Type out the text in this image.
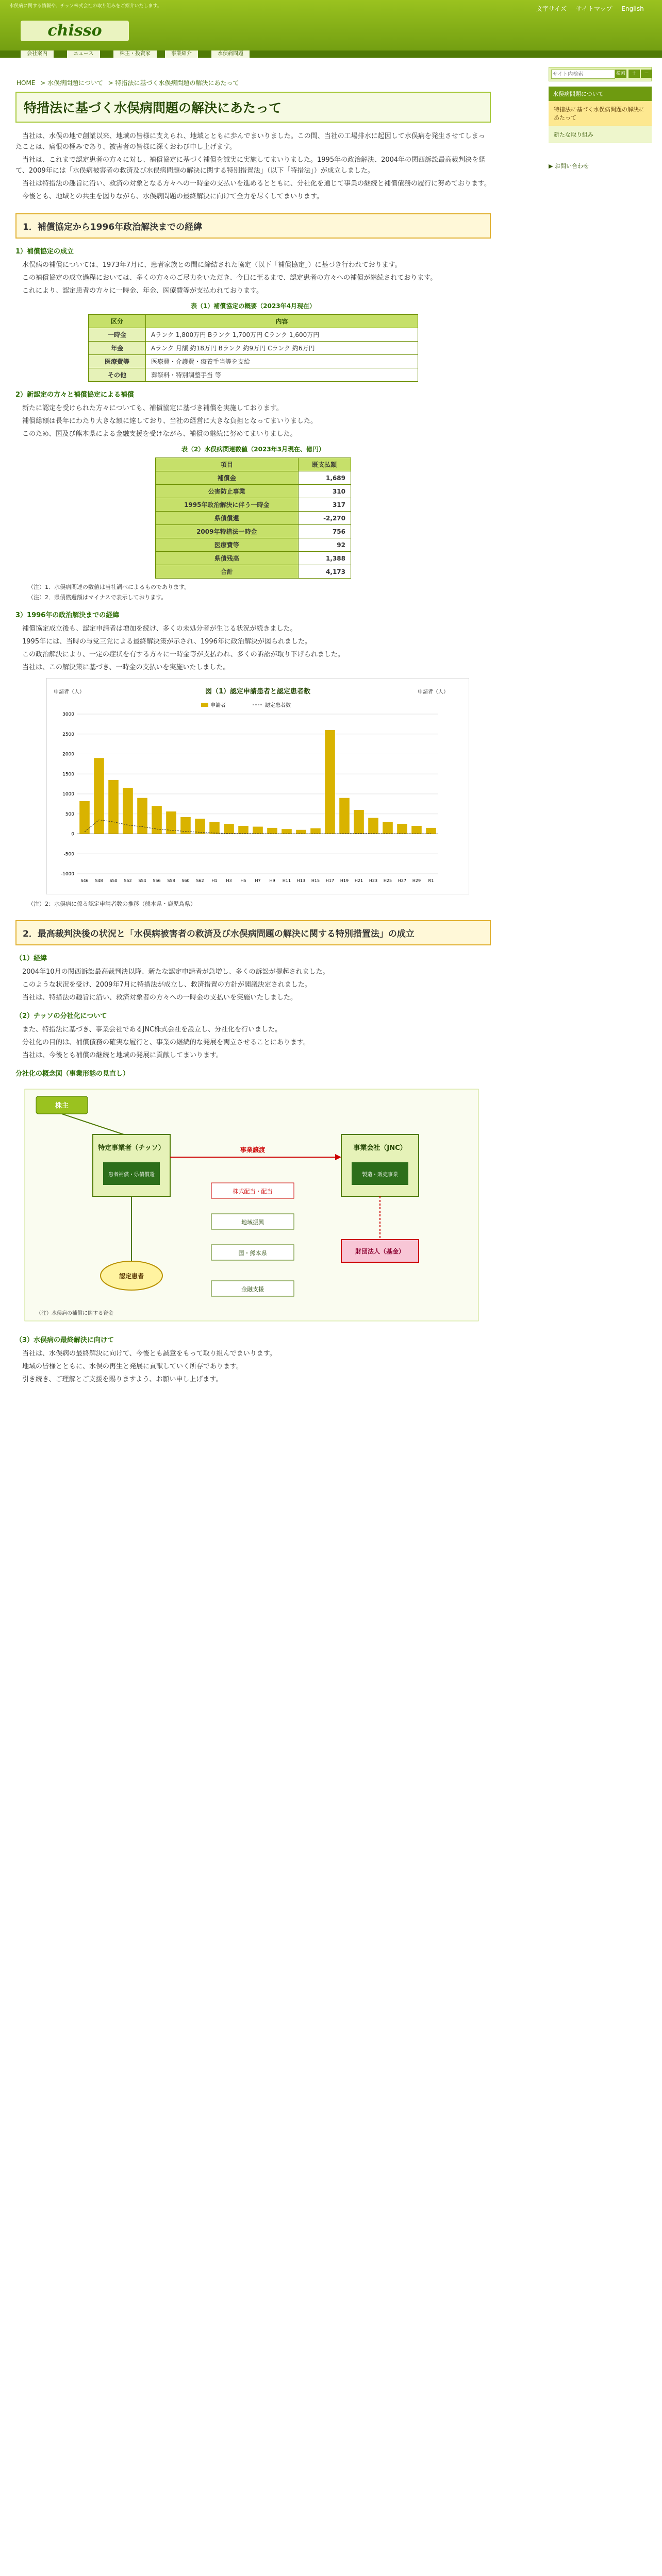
水俣病に関する情報や、チッソ株式会社の取り組みをご紹介いたします。
chisso
文字サイズ サイトマップ English
会社案内	ニュース	株主・投資家	事業紹介	水俣病問題
HOME > 水俣病問題について > 特措法に基づく水俣病問題の解決にあたって
特措法に基づく水俣病問題の解決にあたって

当社は、水俣の地で創業以来、地域の皆様に支えられ、地域とともに歩んでまいりました。この間、当社の工場排水に起因して水俣病を発生させてしまったことは、痛恨の極みであり、被害者の皆様に深くおわび申し上げます。

当社は、これまで認定患者の方々に対し、補償協定に基づく補償を誠実に実施してまいりました。1995年の政治解決、2004年の関西訴訟最高裁判決を経て、2009年には「水俣病被害者の救済及び水俣病問題の解決に関する特別措置法」（以下「特措法」）が成立しました。

当社は特措法の趣旨に沿い、救済の対象となる方々への一時金の支払いを進めるとともに、分社化を通じて事業の継続と補償債務の履行に努めております。

今後とも、地域との共生を図りながら、水俣病問題の最終解決に向けて全力を尽くしてまいります。

1．補償協定から1996年政治解決までの経緯
1）補償協定の成立

水俣病の補償については、1973年7月に、患者家族との間に締結された協定（以下「補償協定」）に基づき行われております。

この補償協定の成立過程においては、多くの方々のご尽力をいただき、今日に至るまで、認定患者の方々への補償が継続されております。

これにより、認定患者の方々に一時金、年金、医療費等が支払われております。

表（1）補償協定の概要（2023年4月現在）
区分	内容
一時金	Aランク 1,800万円 Bランク 1,700万円 Cランク 1,600万円
年金	Aランク 月額 約18万円 Bランク 約9万円 Cランク 約6万円
医療費等	医療費・介護費・療養手当等を支給
その他	葬祭料・特別調整手当 等
2）新認定の方々と補償協定による補償

新たに認定を受けられた方々についても、補償協定に基づき補償を実施しております。

補償総額は長年にわたり大きな額に達しており、当社の経営に大きな負担となってまいりました。

このため、国及び熊本県による金融支援を受けながら、補償の継続に努めてまいりました。

表（2）水俣病関連数値（2023年3月現在、億円）
項目	既支払額
補償金	1,689
公害防止事業	310
1995年政治解決に伴う一時金	317
県債償還	-2,270
2009年特措法一時金	756
医療費等	92
県債残高	1,388
合計	4,173
（注）1．水俣病関連の数値は当社調べによるものであります。
（注）2．県債償還額はマイナスで表示しております。
3）1996年の政治解決までの経緯

補償協定成立後も、認定申請者は増加を続け、多くの未処分者が生じる状況が続きました。

1995年には、当時の与党三党による最終解決策が示され、1996年に政治解決が図られました。

この政治解決により、一定の症状を有する方々に一時金等が支払われ、多くの訴訟が取り下げられました。

当社は、この解決策に基づき、一時金の支払いを実施いたしました。

図（1）認定申請患者と認定患者数
申請者（人）	申請者（人）
-1000
-500
0
500
1000
1500
2000
2500
3000
S46 S48 S50 S52 S54 S56 S58 S60 S62 H1 H3 H5 H7 H9 H11 H13 H15 H17 H19 H21 H23 H25 H27 H29 R1
申請者	認定患者数
（注）2：水俣病に係る認定申請者数の推移（熊本県・鹿児島県）
2．最高裁判決後の状況と「水俣病被害者の救済及び水俣病問題の解決に関する特別措置法」の成立
（1）経緯

2004年10月の関西訴訟最高裁判決以降、新たな認定申請者が急増し、多くの訴訟が提起されました。

このような状況を受け、2009年7月に特措法が成立し、救済措置の方針が閣議決定されました。

当社は、特措法の趣旨に沿い、救済対象者の方々への一時金の支払いを実施いたしました。

（2）チッソの分社化について

また、特措法に基づき、事業会社であるJNC株式会社を設立し、分社化を行いました。

分社化の目的は、補償債務の確実な履行と、事業の継続的な発展を両立させることにあります。

当社は、今後とも補償の継続と地域の発展に貢献してまいります。

分社化の概念図（事業形態の見直し）
株主
特定事業者（チッソ）
患者補償・県債償還
事業譲渡	事業会社（JNC）
製造・販売事業
株式配当・配当
地域振興
国・熊本県
認定患者
金融支援
財団法人（基金）
（注）水俣病の補償に関する資金
（3）水俣病の最終解決に向けて

当社は、水俣病の最終解決に向けて、今後とも誠意をもって取り組んでまいります。

地域の皆様とともに、水俣の再生と発展に貢献していく所存であります。

引き続き、ご理解とご支援を賜りますよう、お願い申し上げます。

サイト内検索
検索	＋	－
水俣病問題について
特措法に基づく水俣病問題の解決にあたって
新たな取り組み
▶ お問い合わせ
